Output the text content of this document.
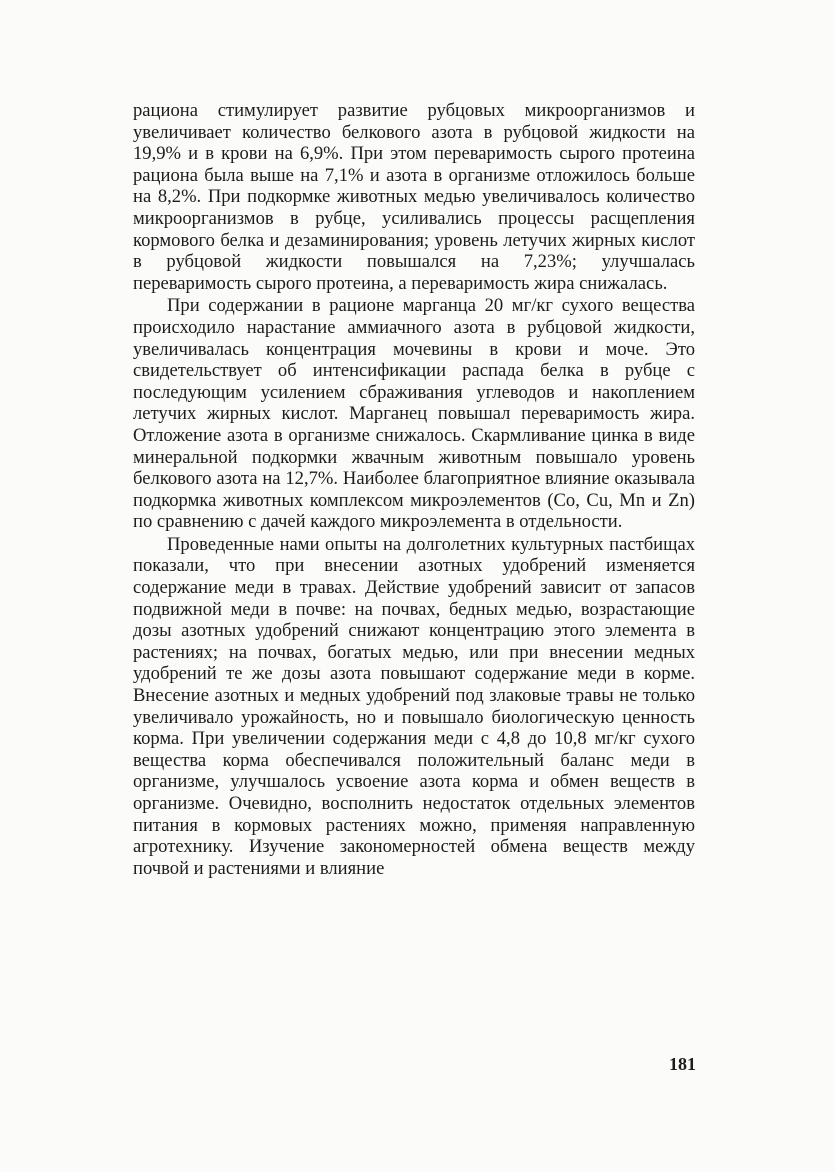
рациона стимулирует развитие рубцовых микроорганизмов и увеличивает количество белкового азота в рубцовой жидкости на 19,9% и в крови на 6,9%. При этом переваримость сырого протеина рациона была выше на 7,1% и азота в организме отложилось больше на 8,2%. При подкормке животных медью увеличивалось количество микроорганизмов в рубце, усиливались процессы расщепления кормового белка и дезаминирования; уровень летучих жирных кислот в рубцовой жидкости повышался на 7,23%; улучшалась переваримость сырого протеина, а переваримость жира снижалась.

При содержании в рационе марганца 20 мг/кг сухого вещества происходило нарастание аммиачного азота в рубцовой жидкости, увеличивалась концентрация мочевины в крови и моче. Это свидетельствует об интенсификации распада белка в рубце с последующим усилением сбраживания углеводов и накоплением летучих жирных кислот. Марганец повышал переваримость жира. Отложение азота в организме снижалось. Скармливание цинка в виде минеральной подкормки жвачным животным повышало уровень белкового азота на 12,7%. Наиболее благоприятное влияние оказывала подкормка животных комплексом микроэлементов (Co, Cu, Mn и Zn) по сравнению с дачей каждого микроэлемента в отдельности.

Проведенные нами опыты на долголетних культурных пастбищах показали, что при внесении азотных удобрений изменяется содержание меди в травах. Действие удобрений зависит от запасов подвижной меди в почве: на почвах, бедных медью, возрастающие дозы азотных удобрений снижают концентрацию этого элемента в растениях; на почвах, богатых медью, или при внесении медных удобрений те же дозы азота повышают содержание меди в корме. Внесение азотных и медных удобрений под злаковые травы не только увеличивало урожайность, но и повышало биологическую ценность корма. При увеличении содержания меди с 4,8 до 10,8 мг/кг сухого вещества корма обеспечивался положительный баланс меди в организме, улучшалось усвоение азота корма и обмен веществ в организме. Очевидно, восполнить недостаток отдельных элементов питания в кормовых растениях можно, применяя направленную агротехнику. Изучение закономерностей обмена веществ между почвой и растениями и влияние

181
